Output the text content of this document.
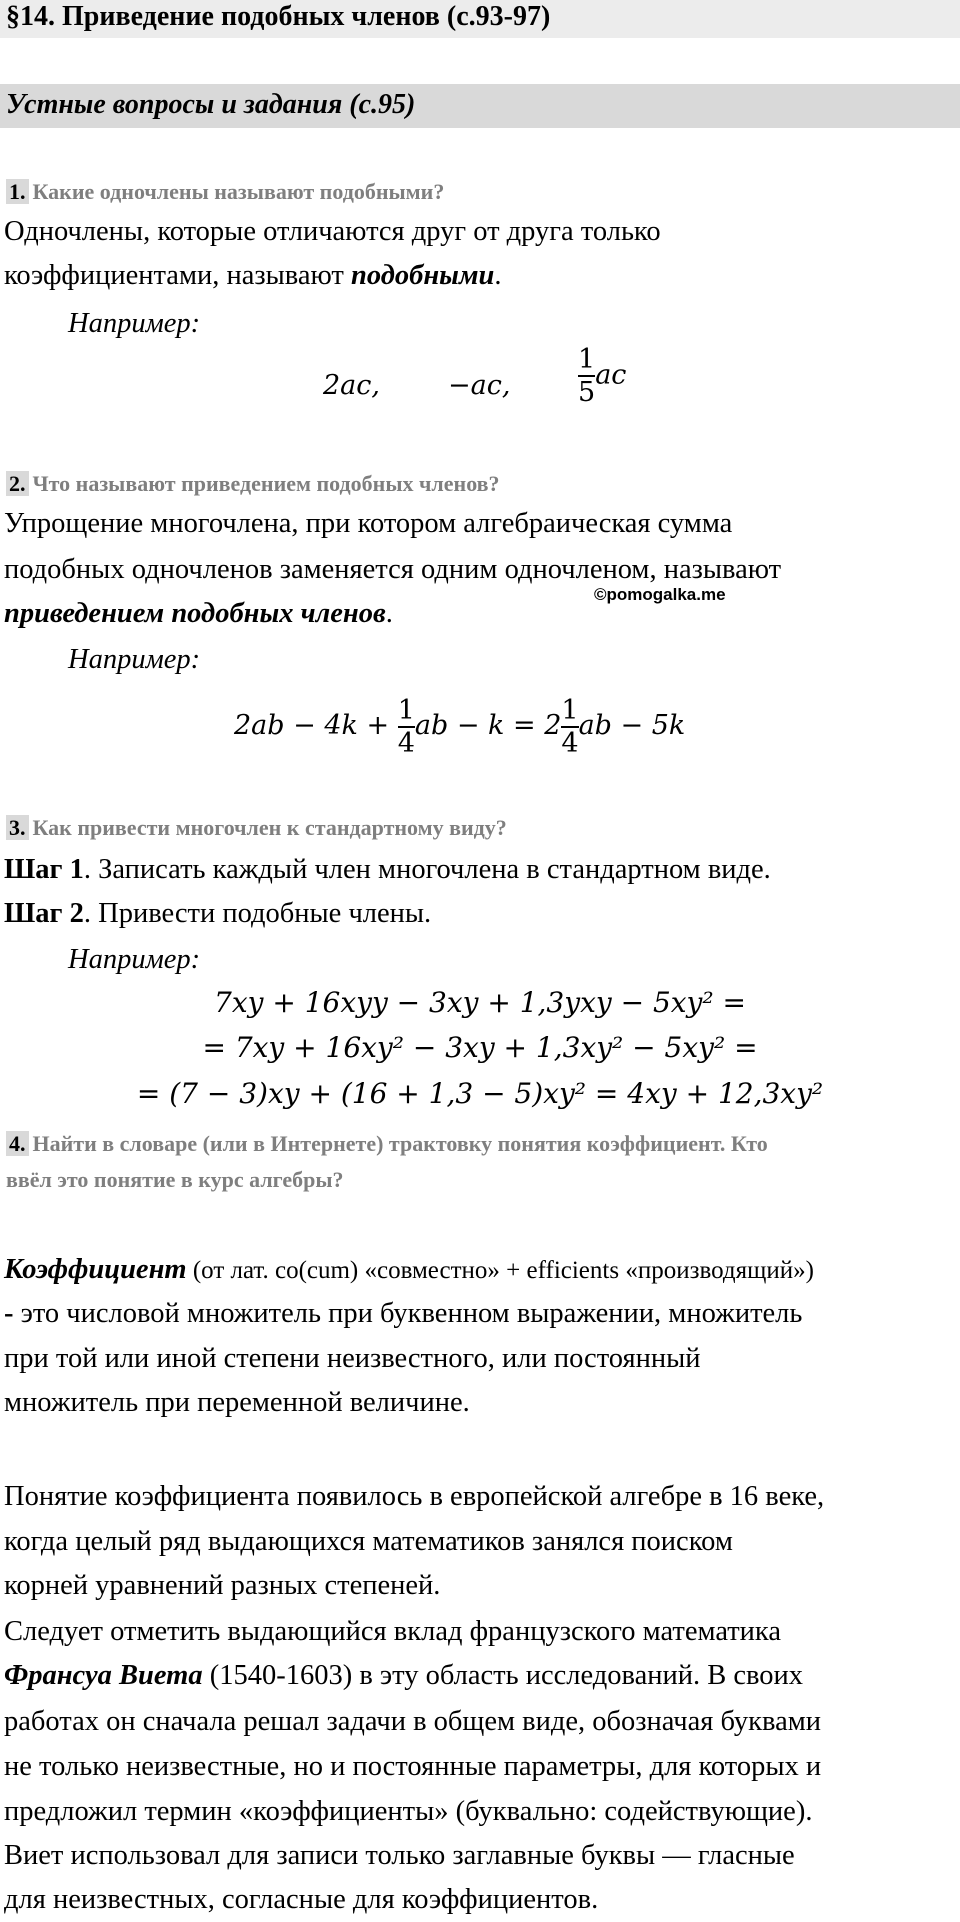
§14. Приведение подобных членов (с.93-97)
Устные вопросы и задания (с.95)
1. Какие одночлены называют подобными?
Одночлены, которые отличаются друг от друга только
коэффициентами, называют подобными.
Например:
2ac,	−ac,	$\frac{1}{5}$ ac
2. Что называют приведением подобных членов?
Упрощение многочлена, при котором алгебраическая сумма
подобных одночленов заменяется одним одночленом, называют
©pomogalka.me
приведением подобных членов.
Например:
$2ab - 4k + \frac{1}{4}$ ab − $k = 2 \frac{1}{4}$ ab − 5k
3. Как привести многочлен к стандартному виду?
Шаг 1. Записать каждый член многочлена в стандартном виде.
Шаг 2. Привести подобные члены.
Например:
7xy + 16xyy − 3xy + 1,3yxy − 5xy² =
= 7xy + 16xy² − 3xy + 1,3xy² − 5xy² =
= (7 − 3)xy + (16 + 1,3 − 5)xy² = 4xy + 12,3xy²
4. Найти в словаре (или в Интернете) трактовку понятия коэффициент. Кто
ввёл это понятие в курс алгебры?
Коэффициент (от лат. co(cum) «совместно» + efficients «производящий»)
- это числовой множитель при буквенном выражении, множитель
при той или иной степени неизвестного, или постоянный
множитель при переменной величине.
Понятие коэффициента появилось в европейской алгебре в 16 веке,
когда целый ряд выдающихся математиков занялся поиском
корней уравнений разных степеней.
Следует отметить выдающийся вклад французского математика
Франсуа Виета (1540-1603) в эту область исследований. В своих
работах он сначала решал задачи в общем виде, обозначая буквами
не только неизвестные, но и постоянные параметры, для которых и
предложил термин «коэффициенты» (буквально: содействующие).
Виет использовал для записи только заглавные буквы — гласные
для неизвестных, согласные для коэффициентов.
